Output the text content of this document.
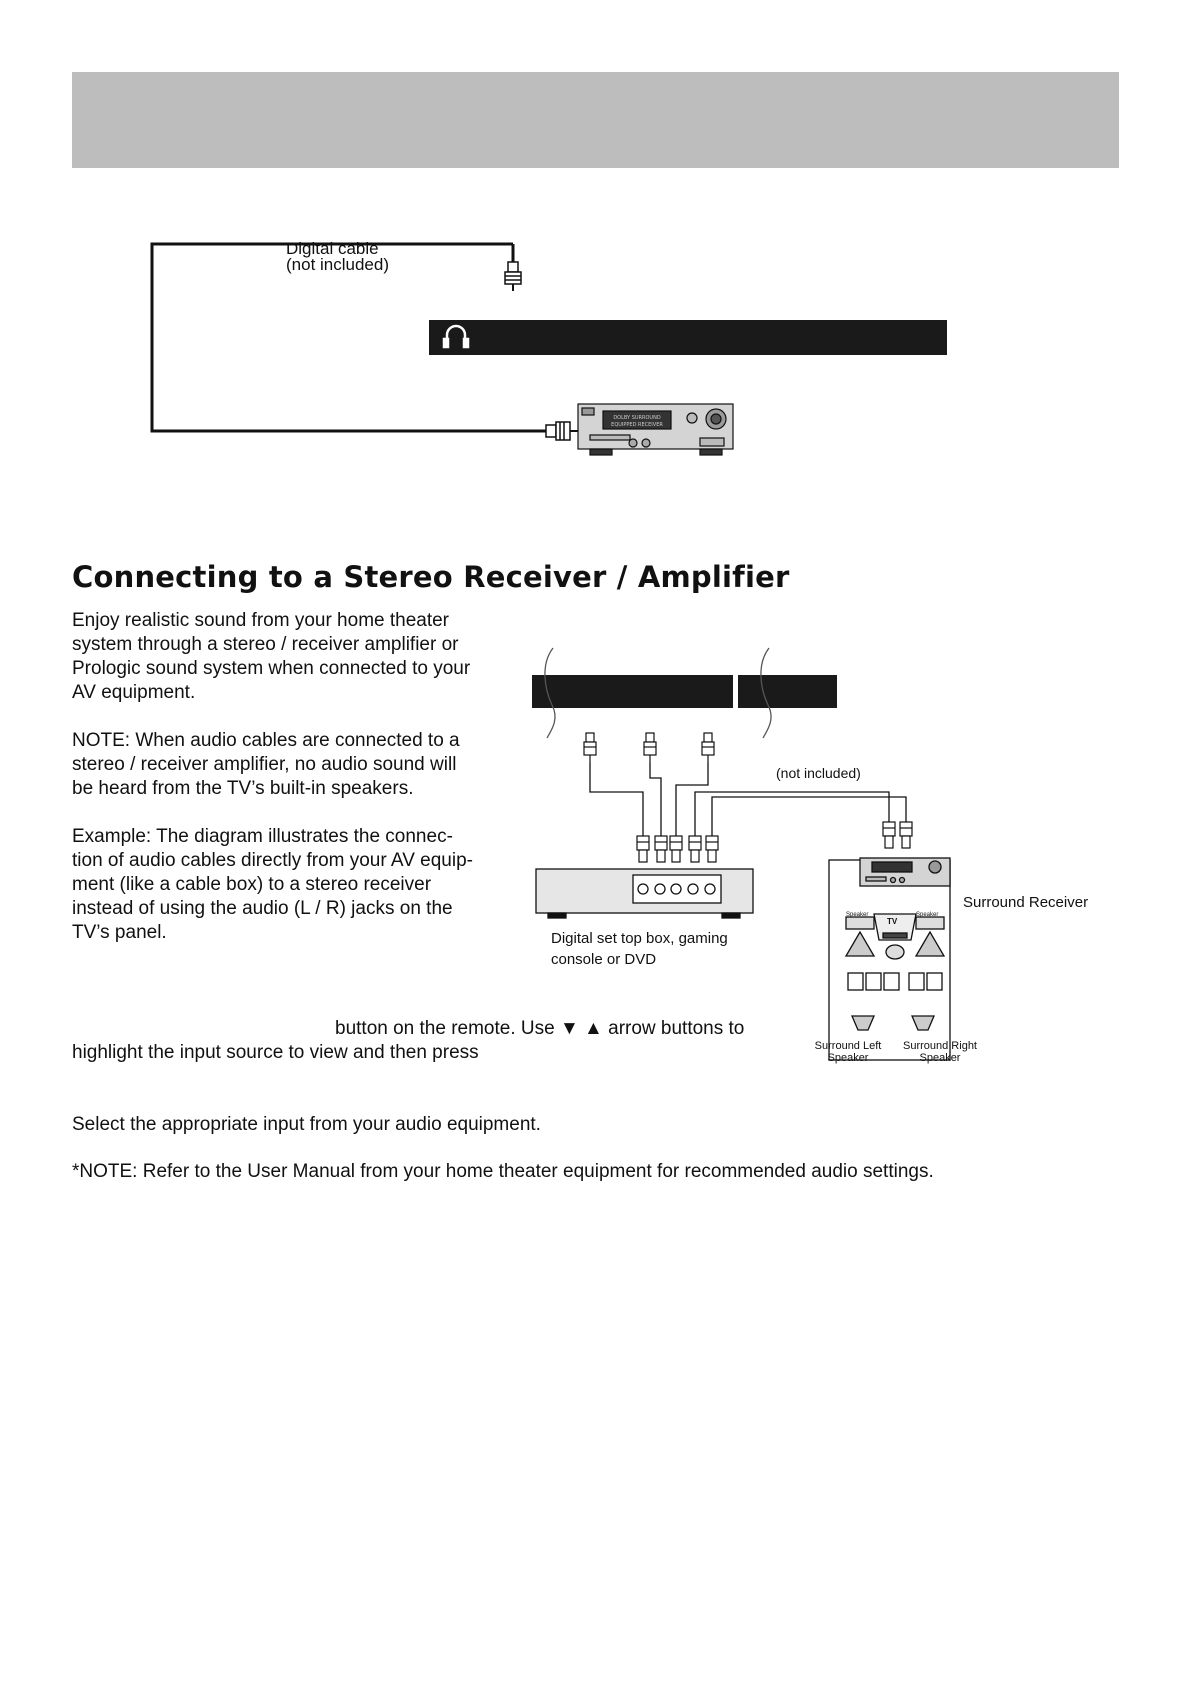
DOLBY SURROUND
EQUIPPED RECEIVER
Digital cable
(not included)
Connecting to a Stereo Receiver / Amplifier
Enjoy realistic sound from your home theater
system through a stereo / receiver amplifier or
Prologic sound system when connected to your
AV equipment.
NOTE: When audio cables are connected to a
stereo / receiver amplifier, no audio sound will
be heard from the TV’s built-in speakers.
Example: The diagram illustrates the connec-
tion of audio cables directly from your AV equip-
ment (like a cable box) to a stereo receiver
instead of using the audio (L / R) jacks on the
TV’s panel.
button on the remote. Use ▼ ▲ arrow buttons to
highlight the input source to view and then press
Select the appropriate input from your audio equipment.
*NOTE: Refer to the User Manual from your home theater equipment for recommended audio settings.
(not included)
Digital set top box, gaming
console or DVD
Surround Receiver
Speaker	Speaker
TV
Surround Left
Speaker
Surround Right
Speaker
